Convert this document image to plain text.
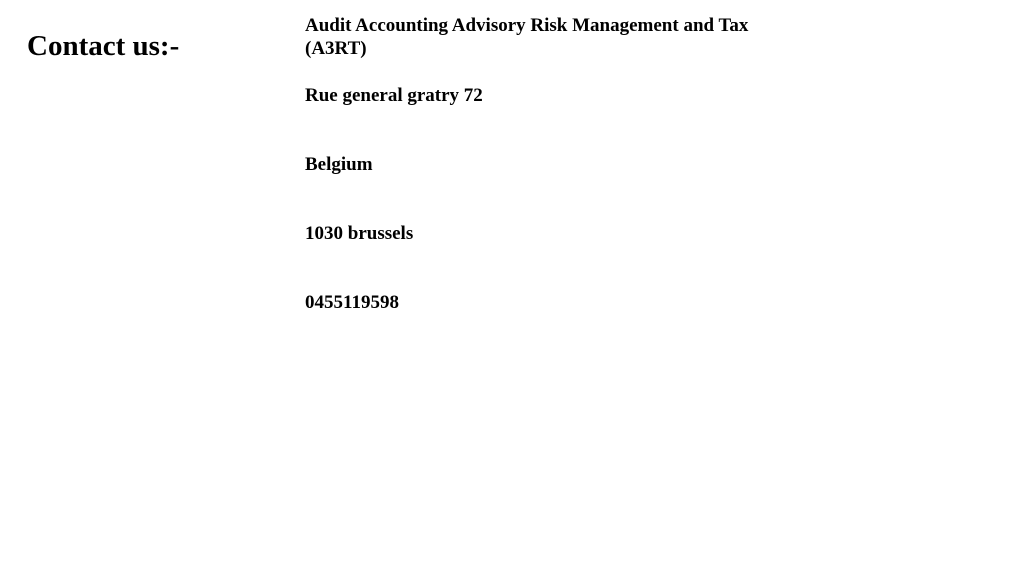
Contact us:-
Audit Accounting Advisory Risk Management and Tax
(A3RT)

Rue general gratry 72

Belgium

1030 brussels

0455119598
